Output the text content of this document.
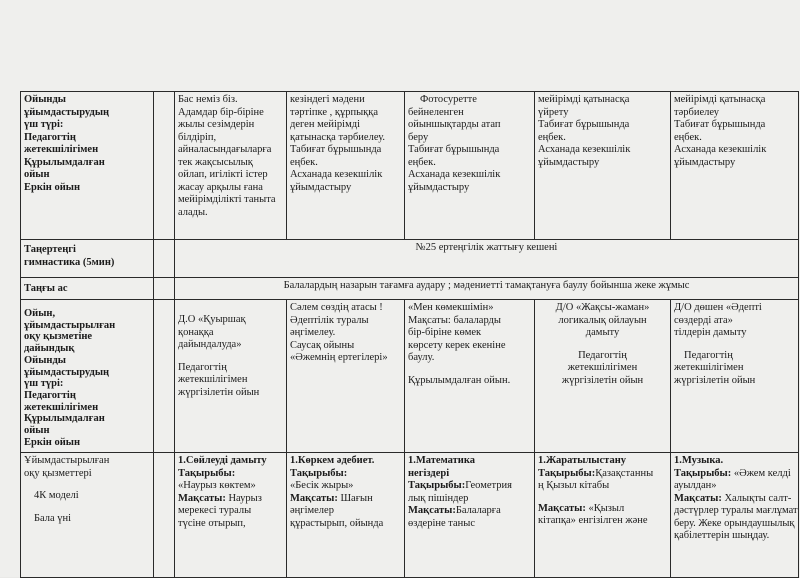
Ойынды
ұйымдастырудың
үш түрі:
Педагогтің
жетекшілігімен
Құрылымдалған
ойын
Еркін ойын
Бас неміз біз.
Адамдар бір-біріне
жылы сезімдерін
білдіріп,
айналасындағыларға
тек жақсысылық
ойлап, игілікті істер
жасау арқылы ғана
мейірімділікті таныта
алады.
кезіндегі мәдени
тәртіпке , құрпыққа
деген мейірімді
қатынасқа тәрбиелеу.
Табиғат бұрышында
еңбек.
Асханада кезекшілік
ұйымдастыру
Фотосуретте
бейнеленген
ойыншықтарды атап
беру
Табиғат бұрышында
еңбек.
Асханада кезекшілік
ұйымдастыру
мейірімді қатынасқа
үйрету
Табиғат бұрышында
еңбек.
Асханада кезекшілік
ұйымдастыру
мейірімді қатынасқа
тәрбиелеу
Табиғат бұрышында
еңбек.
Асханада кезекшілік
ұйымдастыру
Таңертеңгі
гимнастика (5мин)
№25 ертеңгілік жаттығу кешені
Таңғы ас	Балалардың назарын тағамға аудару ; мәдениетті тамақтануға баулу бойынша жеке жұмыс
Ойын,
ұйымдастырылған
оқу қызметіне
дайындық
Ойынды
ұйымдастырудың
үш түрі:
Педагогтің
жетекшілігімен
Құрылымдалған
ойын
Еркін ойын
Д.О «Қуыршақ
қонаққа
дайындалуда»
Педагогтің
жетекшілігімен
жүргізілетін ойын
Сәлем сөздің атасы !
Әдептілік туралы
әңгімелеу.
Саусақ ойыны
«Әжемнің ертегілері»
«Мен көмекшімін»
Мақсаты: балаларды
бір-біріне көмек
көрсету керек екеніне
баулу.
Құрылымдалған ойын.
Д/О «Жақсы-жаман»
логикалық ойлауын
дамыту
Педагогтің
жетекшілігімен
жүргізілетін ойын
Д/О дөшен «Әдепті
сөздерді ата»
тілдерін дамыту
Педагогтің
жетекшілігімен
жүргізілетін ойын
Ұйымдастырылған
оқу қызметтері
4К моделі
Бала үні
1.Сөйлеуді дамыту
Тақырыбы:
«Наурыз көктем»
Мақсаты: Наурыз
мерекесі туралы
түсіне отырып,
1.Көркем әдебиет.
Тақырыбы:
«Бесік жыры»
Мақсаты: Шағын
әңгімелер
құрастырып, ойында
1.Математика
негіздері
Тақырыбы:Геометрия
лық пішіндер
Мақсаты:Балаларға
өздеріне таныс
1.Жаратылыстану
Тақырыбы:Қазақстанны
ң Қызыл кітабы
Мақсаты: «Қызыл
кітапқа» енгізілген және
1.Музыка.
Тақырыбы: «Әжем келді
ауылдан»
Мақсаты: Халықты салт-
дәстүрлер туралы мағлұмат
беру. Жеке орындаушылық
қабілеттерін шыңдау.
